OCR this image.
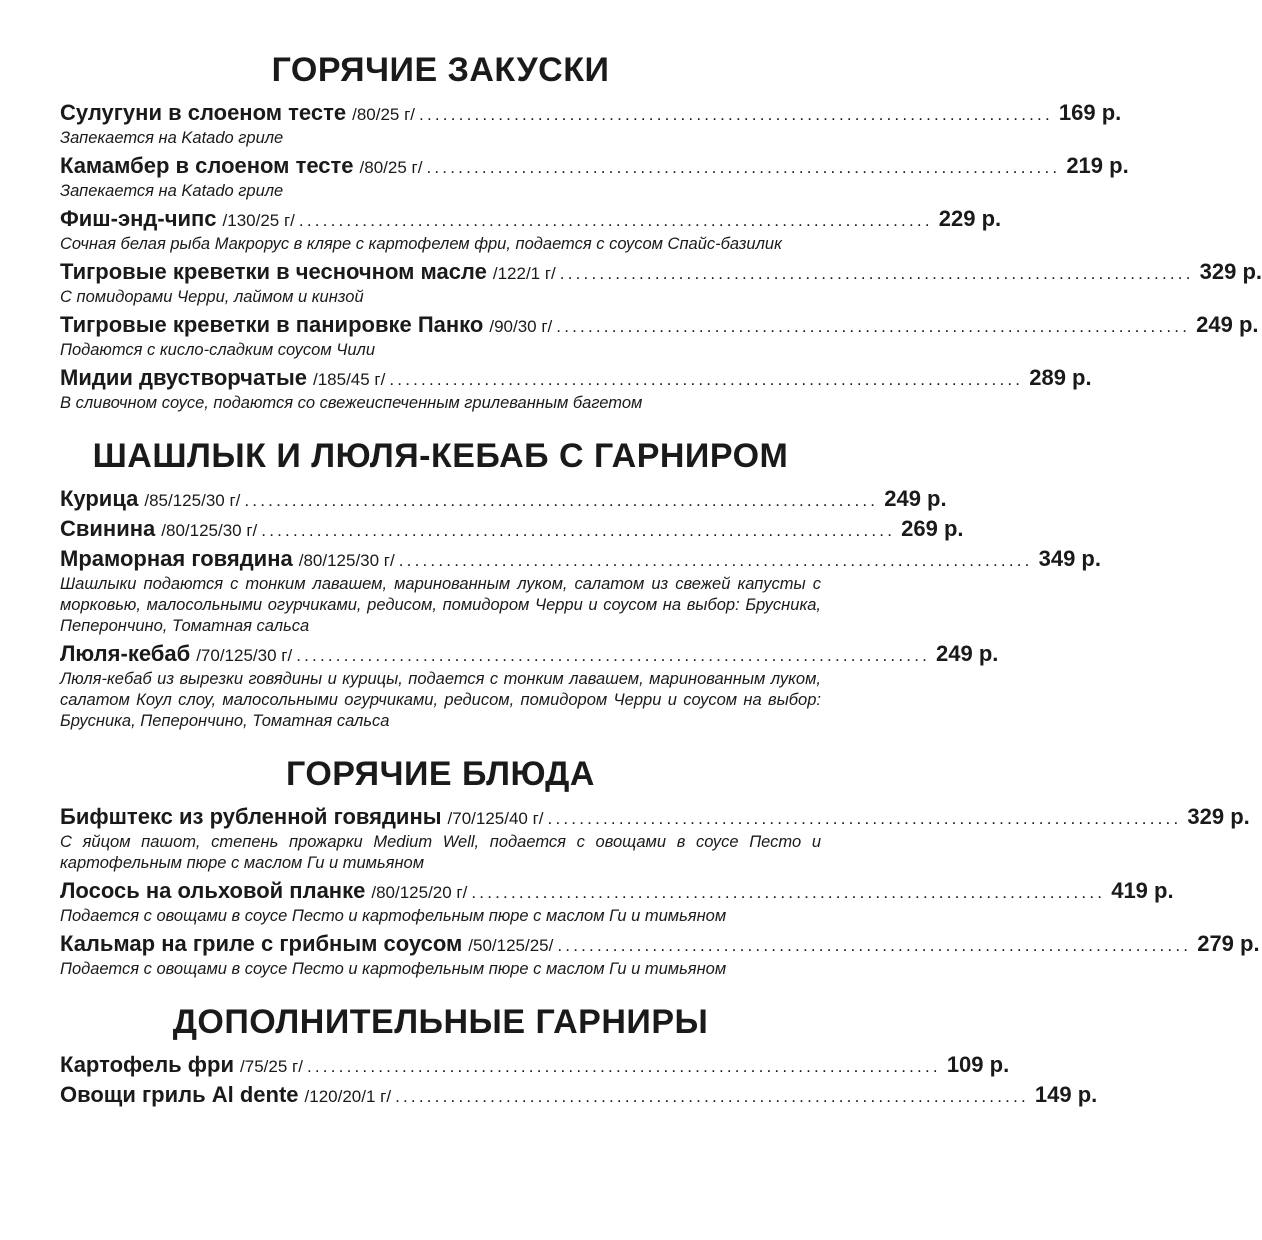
ГОРЯЧИЕ ЗАКУСКИ
Сулугуни в слоеном тесте /80/25 г/ ................................................................................ 169 р.
Запекается на Katado гриле
Камамбер в слоеном тесте /80/25 г/ ................................................................................ 219 р.
Запекается на Katado гриле
Фиш-энд-чипс /130/25 г/ ................................................................................ 229 р.
Сочная белая рыба Макрорус в кляре с картофелем фри, подается с соусом Спайс-базилик
Тигровые креветки в чесночном масле /122/1 г/ ................................................................................ 329 р.
С помидорами Черри, лаймом и кинзой
Тигровые креветки в панировке Панко /90/30 г/ ................................................................................ 249 р.
Подаются с кисло-сладким соусом Чили
Мидии двустворчатые /185/45 г/ ................................................................................ 289 р.
В сливочном соусе, подаются со свежеиспеченным грилеванным багетом
ШАШЛЫК И ЛЮЛЯ-КЕБАБ С ГАРНИРОМ
Курица /85/125/30 г/ ................................................................................ 249 р.
Свинина /80/125/30 г/ ................................................................................ 269 р.
Мраморная говядина /80/125/30 г/ ................................................................................ 349 р.
Шашлыки подаются с тонким лавашем, маринованным луком, салатом из свежей капусты с морковью, малосольными огурчиками, редисом, помидором Черри и соусом на выбор: Брусника, Пеперончино, Томатная сальса
Люля-кебаб /70/125/30 г/ ................................................................................ 249 р.
Люля-кебаб из вырезки говядины и курицы, подается с тонким лавашем, маринованным луком, салатом Коул слоу, малосольными огурчиками, редисом, помидором Черри и соусом на выбор: Брусника, Пеперончино, Томатная сальса
ГОРЯЧИЕ БЛЮДА
Бифштекс из рубленной говядины /70/125/40 г/ ................................................................................ 329 р.
С яйцом пашот, степень прожарки Medium Well, подается с овощами в соусе Песто и картофельным пюре с маслом Ги и тимьяном
Лосось на ольховой планке /80/125/20 г/ ................................................................................ 419 р.
Подается с овощами в соусе Песто и картофельным пюре с маслом Ги и тимьяном
Кальмар на гриле с грибным соусом /50/125/25/ ................................................................................ 279 р.
Подается с овощами в соусе Песто и картофельным пюре с маслом Ги и тимьяном
ДОПОЛНИТЕЛЬНЫЕ ГАРНИРЫ
Картофель фри /75/25 г/ ................................................................................ 109 р.
Овощи гриль Al dente /120/20/1 г/ ................................................................................ 149 р.
